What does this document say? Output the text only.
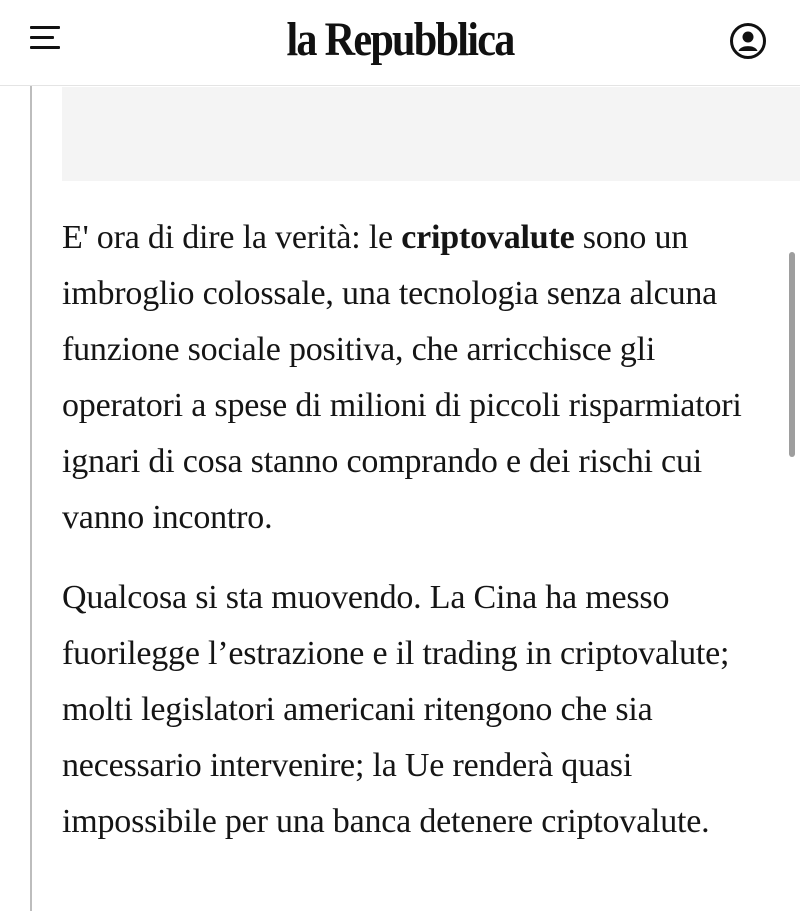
la Repubblica

E' ora di dire la verità: le criptovalute sono un imbroglio colossale, una tecnologia senza alcuna funzione sociale positiva, che arricchisce gli operatori a spese di milioni di piccoli risparmiatori ignari di cosa stanno comprando e dei rischi cui vanno incontro.

Qualcosa si sta muovendo. La Cina ha messo fuorilegge l’estrazione e il trading in criptovalute; molti legislatori americani ritengono che sia necessario intervenire; la Ue renderà quasi impossibile per una banca detenere criptovalute.
